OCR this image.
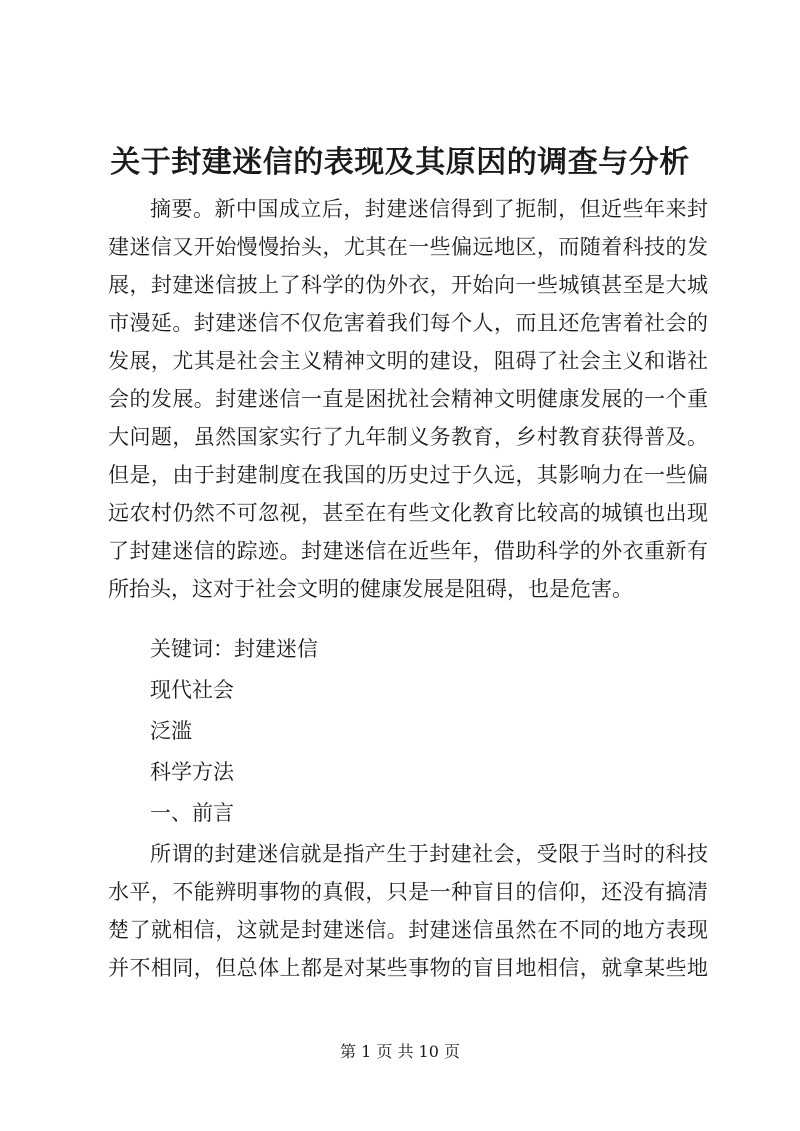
关于封建迷信的表现及其原因的调查与分析
摘要。新中国成立后，封建迷信得到了扼制，但近些年来封
建迷信又开始慢慢抬头，尤其在一些偏远地区，而随着科技的发
展，封建迷信披上了科学的伪外衣，开始向一些城镇甚至是大城
市漫延。封建迷信不仅危害着我们每个人，而且还危害着社会的
发展，尤其是社会主义精神文明的建设，阻碍了社会主义和谐社
会的发展。封建迷信一直是困扰社会精神文明健康发展的一个重
大问题，虽然国家实行了九年制义务教育，乡村教育获得普及。
但是，由于封建制度在我国的历史过于久远，其影响力在一些偏
远农村仍然不可忽视，甚至在有些文化教育比较高的城镇也出现
了封建迷信的踪迹。封建迷信在近些年，借助科学的外衣重新有
所抬头，这对于社会文明的健康发展是阻碍，也是危害。

关键词：封建迷信

现代社会

泛滥

科学方法

一、前言

所谓的封建迷信就是指产生于封建社会，受限于当时的科技
水平，不能辨明事物的真假，只是一种盲目的信仰，还没有搞清
楚了就相信，这就是封建迷信。封建迷信虽然在不同的地方表现
并不相同，但总体上都是对某些事物的盲目地相信，就拿某些地
第 1 页 共 10 页
